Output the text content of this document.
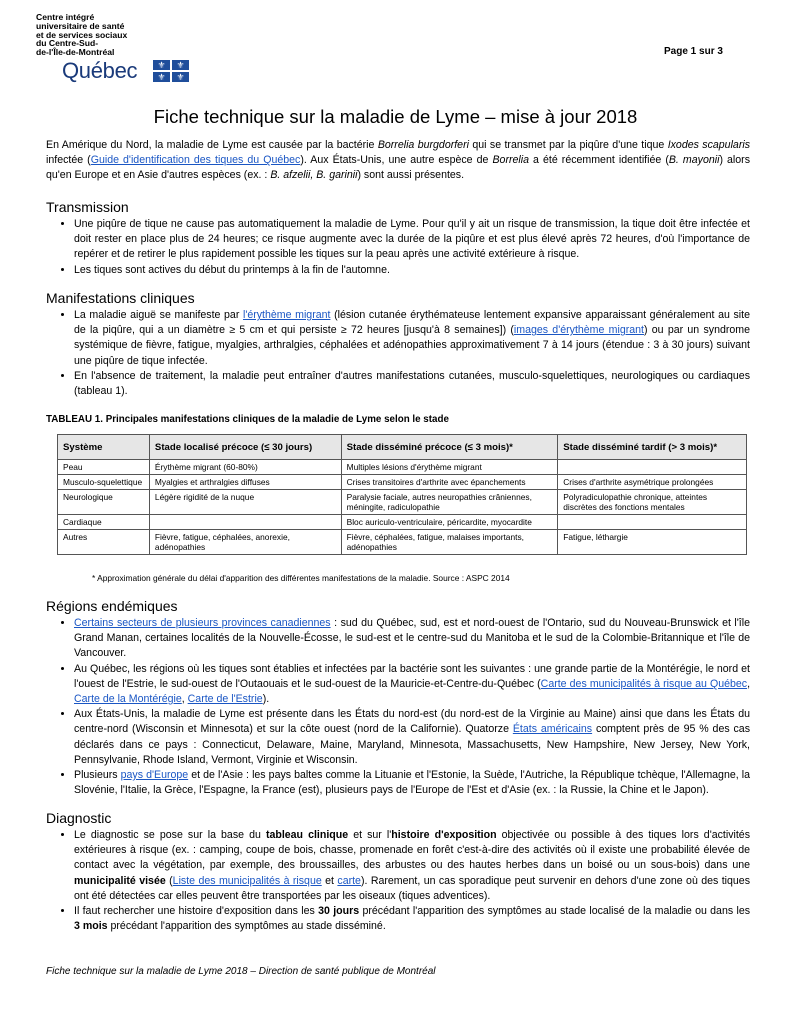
Centre intégré
universitaire de santé
et de services sociaux
du Centre-Sud-
de-l'Île-de-Montréal
Québec	⚜	⚜
⚜	⚜
Page 1 sur 3
Fiche technique sur la maladie de Lyme – mise à jour 2018
En Amérique du Nord, la maladie de Lyme est causée par la bactérie Borrelia burgdorferi qui se transmet par la piqûre d'une tique Ixodes scapularis infectée (Guide d'identification des tiques du Québec). Aux États-Unis, une autre espèce de Borrelia a été récemment identifiée (B. mayonii) alors qu'en Europe et en Asie d'autres espèces (ex. : B. afzelii, B. garinii) sont aussi présentes.
Transmission
• Une piqûre de tique ne cause pas automatiquement la maladie de Lyme. Pour qu'il y ait un risque de transmission, la tique doit être infectée et doit rester en place plus de 24 heures; ce risque augmente avec la durée de la piqûre et est plus élevé après 72 heures, d'où l'importance de repérer et de retirer le plus rapidement possible les tiques sur la peau après une activité extérieure à risque.
• Les tiques sont actives du début du printemps à la fin de l'automne.
Manifestations cliniques
• La maladie aiguë se manifeste par l'érythème migrant (lésion cutanée érythémateuse lentement expansive apparaissant généralement au site de la piqûre, qui a un diamètre ≥ 5 cm et qui persiste ≥ 72 heures [jusqu'à 8 semaines]) (images d'érythème migrant) ou par un syndrome systémique de fièvre, fatigue, myalgies, arthralgies, céphalées et adénopathies approximativement 7 à 14 jours (étendue : 3 à 30 jours) suivant une piqûre de tique infectée.
• En l'absence de traitement, la maladie peut entraîner d'autres manifestations cutanées, musculo-squelettiques, neurologiques ou cardiaques (tableau 1).
TABLEAU 1. Principales manifestations cliniques de la maladie de Lyme selon le stade
Système	Stade localisé précoce (≤ 30 jours)	Stade disséminé précoce (≤ 3 mois)*	Stade disséminé tardif (> 3 mois)*
Peau	Érythème migrant (60-80%)	Multiples lésions d'érythème migrant	
Musculo-squelettique	Myalgies et arthralgies diffuses	Crises transitoires d'arthrite avec épanchements	Crises d'arthrite asymétrique prolongées
Neurologique	Légère rigidité de la nuque	Paralysie faciale, autres neuropathies crâniennes, méningite, radiculopathie	Polyradiculopathie chronique, atteintes discrètes des fonctions mentales
Cardiaque		Bloc auriculo-ventriculaire, péricardite, myocardite	
Autres	Fièvre, fatigue, céphalées, anorexie, adénopathies	Fièvre, céphalées, fatigue, malaises importants, adénopathies	Fatigue, léthargie
* Approximation générale du délai d'apparition des différentes manifestations de la maladie. Source : ASPC 2014
Régions endémiques
• Certains secteurs de plusieurs provinces canadiennes : sud du Québec, sud, est et nord-ouest de l'Ontario, sud du Nouveau-Brunswick et l'île Grand Manan, certaines localités de la Nouvelle-Écosse, le sud-est et le centre-sud du Manitoba et le sud de la Colombie-Britannique et l'île de Vancouver.
• Au Québec, les régions où les tiques sont établies et infectées par la bactérie sont les suivantes : une grande partie de la Montérégie, le nord et l'ouest de l'Estrie, le sud-ouest de l'Outaouais et le sud-ouest de la Mauricie-et-Centre-du-Québec (Carte des municipalités à risque au Québec, Carte de la Montérégie, Carte de l'Estrie).
• Aux États-Unis, la maladie de Lyme est présente dans les États du nord-est (du nord-est de la Virginie au Maine) ainsi que dans les États du centre-nord (Wisconsin et Minnesota) et sur la côte ouest (nord de la Californie). Quatorze États américains comptent près de 95 % des cas déclarés dans ce pays : Connecticut, Delaware, Maine, Maryland, Minnesota, Massachusetts, New Hampshire, New Jersey, New York, Pennsylvanie, Rhode Island, Vermont, Virginie et Wisconsin.
• Plusieurs pays d'Europe et de l'Asie : les pays baltes comme la Lituanie et l'Estonie, la Suède, l'Autriche, la République tchèque, l'Allemagne, la Slovénie, l'Italie, la Grèce, l'Espagne, la France (est), plusieurs pays de l'Europe de l'Est et d'Asie (ex. : la Russie, la Chine et le Japon).
Diagnostic
• Le diagnostic se pose sur la base du tableau clinique et sur l'histoire d'exposition objectivée ou possible à des tiques lors d'activités extérieures à risque (ex. : camping, coupe de bois, chasse, promenade en forêt c'est-à-dire des activités où il existe une probabilité élevée de contact avec la végétation, par exemple, des broussailles, des arbustes ou des hautes herbes dans un boisé ou un sous-bois) dans une municipalité visée (Liste des municipalités à risque et carte). Rarement, un cas sporadique peut survenir en dehors d'une zone où des tiques ont été détectées car elles peuvent être transportées par les oiseaux (tiques adventices).
• Il faut rechercher une histoire d'exposition dans les 30 jours précédant l'apparition des symptômes au stade localisé de la maladie ou dans les 3 mois précédant l'apparition des symptômes au stade disséminé.
Fiche technique sur la maladie de Lyme 2018 – Direction de santé publique de Montréal
